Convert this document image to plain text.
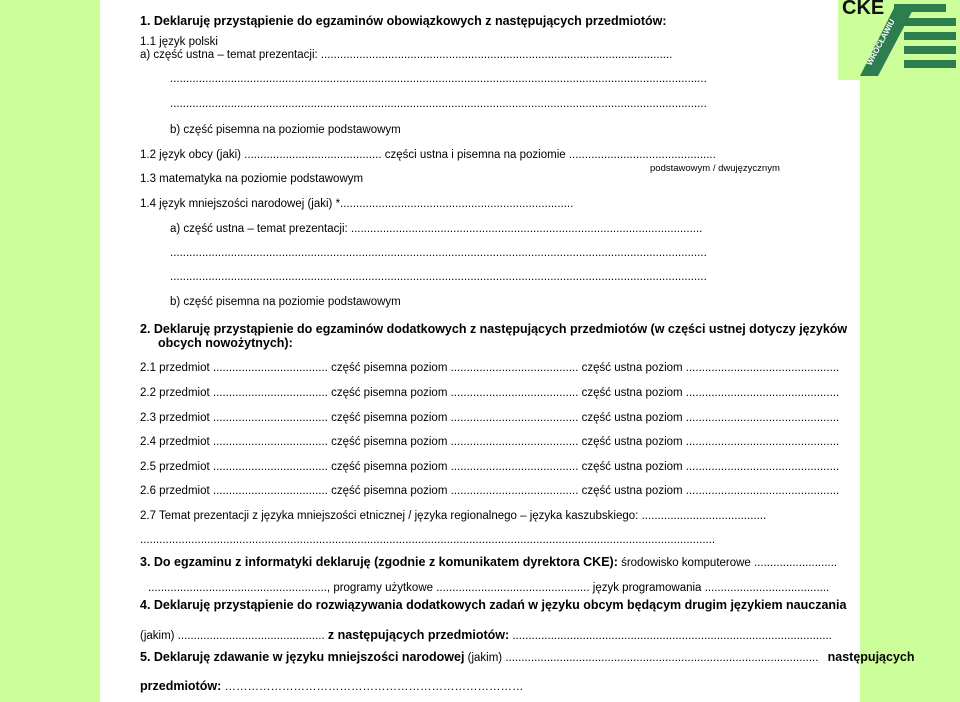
1. Deklaruję przystąpienie do egzaminów obowiązkowych z następujących przedmiotów:
1.1 język polski
a) część ustna – temat prezentacji: ..............................................................................................................
........................................................................................................................................................................
........................................................................................................................................................................
b) część pisemna na poziomie podstawowym
1.2 język obcy (jaki) ........................................... części ustna i pisemna na poziomie ..............................................
podstawowym / dwujęzycznym
1.3 matematyka na poziomie podstawowym
1.4 język mniejszości narodowej (jaki) *.........................................................................
a) część ustna – temat prezentacji: ..............................................................................................................
........................................................................................................................................................................
........................................................................................................................................................................
b) część pisemna na poziomie podstawowym
2. Deklaruję przystąpienie do egzaminów dodatkowych z następujących przedmiotów (w części ustnej dotyczy języków
obcych nowożytnych):
2.1 przedmiot .................................... część pisemna poziom ........................................ część ustna poziom ................................................
2.2 przedmiot .................................... część pisemna poziom ........................................ część ustna poziom ................................................
2.3 przedmiot .................................... część pisemna poziom ........................................ część ustna poziom ................................................
2.4 przedmiot .................................... część pisemna poziom ........................................ część ustna poziom ................................................
2.5 przedmiot .................................... część pisemna poziom ........................................ część ustna poziom ................................................
2.6 przedmiot .................................... część pisemna poziom ........................................ część ustna poziom ................................................
2.7 Temat prezentacji z języka mniejszości etnicznej / języka regionalnego – języka kaszubskiego: .......................................
....................................................................................................................................................................................
3. Do egzaminu z informatyki deklaruję (zgodnie z komunikatem dyrektora CKE): środowisko komputerowe ..........................
........................................................, programy użytkowe ................................................ język programowania .......................................
4. Deklaruję przystąpienie do rozwiązywania dodatkowych zadań w języku obcym będącym drugim językiem nauczania
(jakim) .............................................. z następujących przedmiotów: ....................................................................................................
5. Deklaruję zdawanie w języku mniejszości narodowej (jakim) .................................................................................................. następujących
przedmiotów: ……………………………………………………………………
CKE
WROCŁAWIU
